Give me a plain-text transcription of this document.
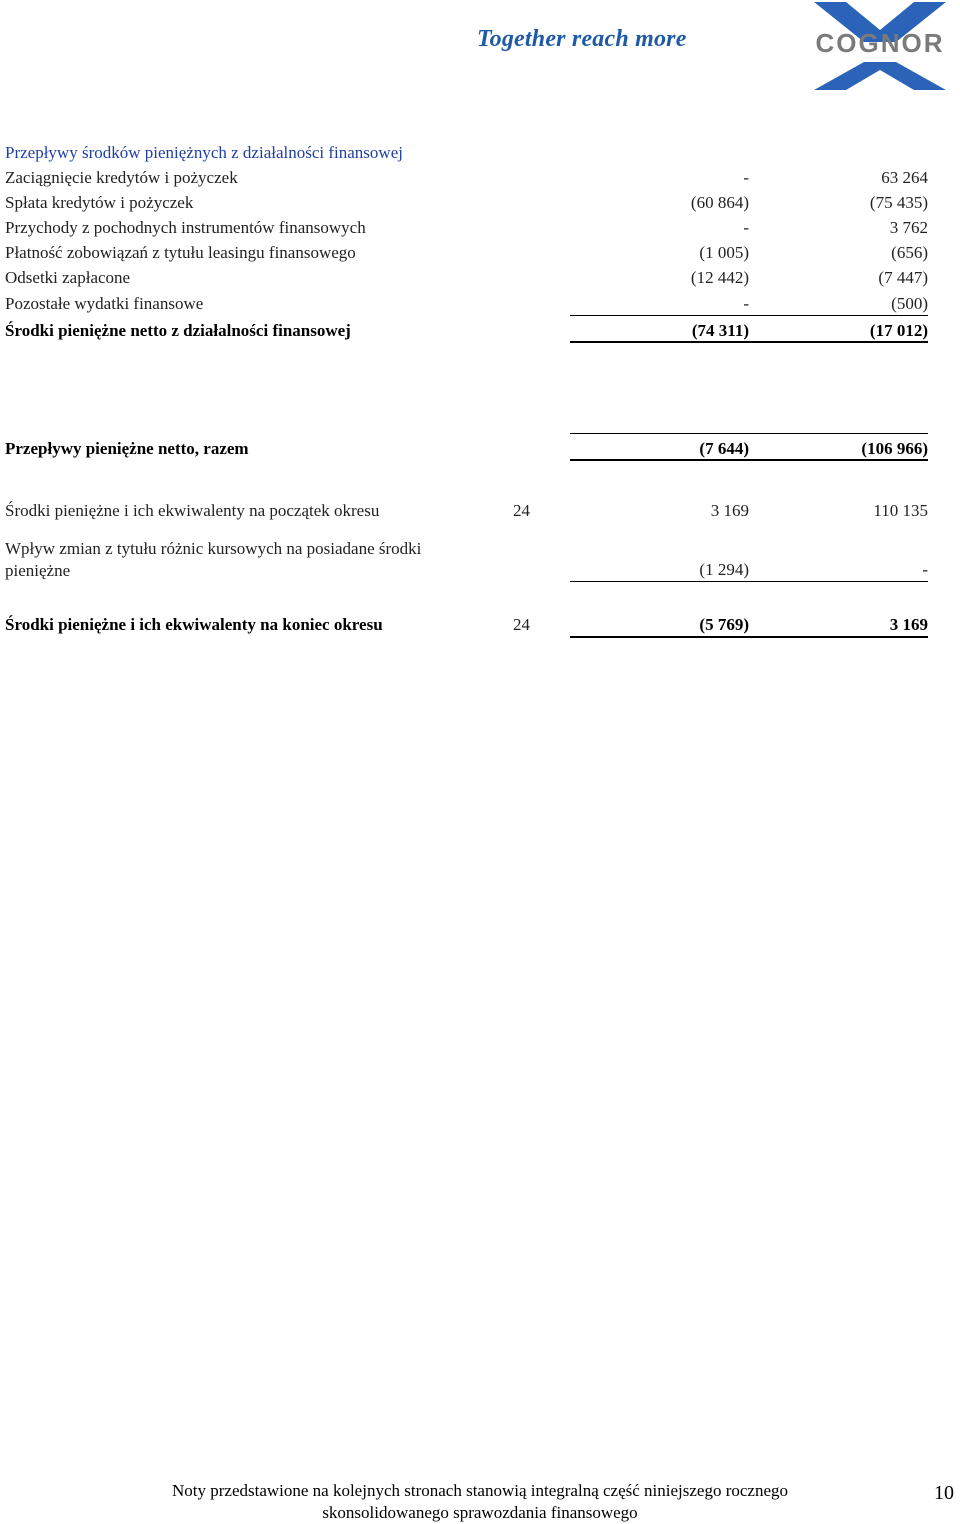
Together reach more	COGNOR
Przepływy środków pieniężnych z działalności finansowej
Zaciągnięcie kredytów i pożyczek	-	63 264
Spłata kredytów i pożyczek	(60 864)	(75 435)
Przychody z pochodnych instrumentów finansowych	-	3 762
Płatność zobowiązań z tytułu leasingu finansowego	(1 005)	(656)
Odsetki zapłacone	(12 442)	(7 447)
Pozostałe wydatki finansowe	-	(500)
Środki pieniężne netto z działalności finansowej	(74 311)	(17 012)
Przepływy pieniężne netto, razem	(7 644)	(106 966)
Środki pieniężne i ich ekwiwalenty na początek okresu	24	3 169	110 135
Wpływ zmian z tytułu różnic kursowych na posiadane środki pieniężne	(1 294)	-
Środki pieniężne i ich ekwiwalenty na koniec okresu	24	(5 769)	3 169
Noty przedstawione na kolejnych stronach stanowią integralną część niniejszego rocznego skonsolidowanego sprawozdania finansowego
10
